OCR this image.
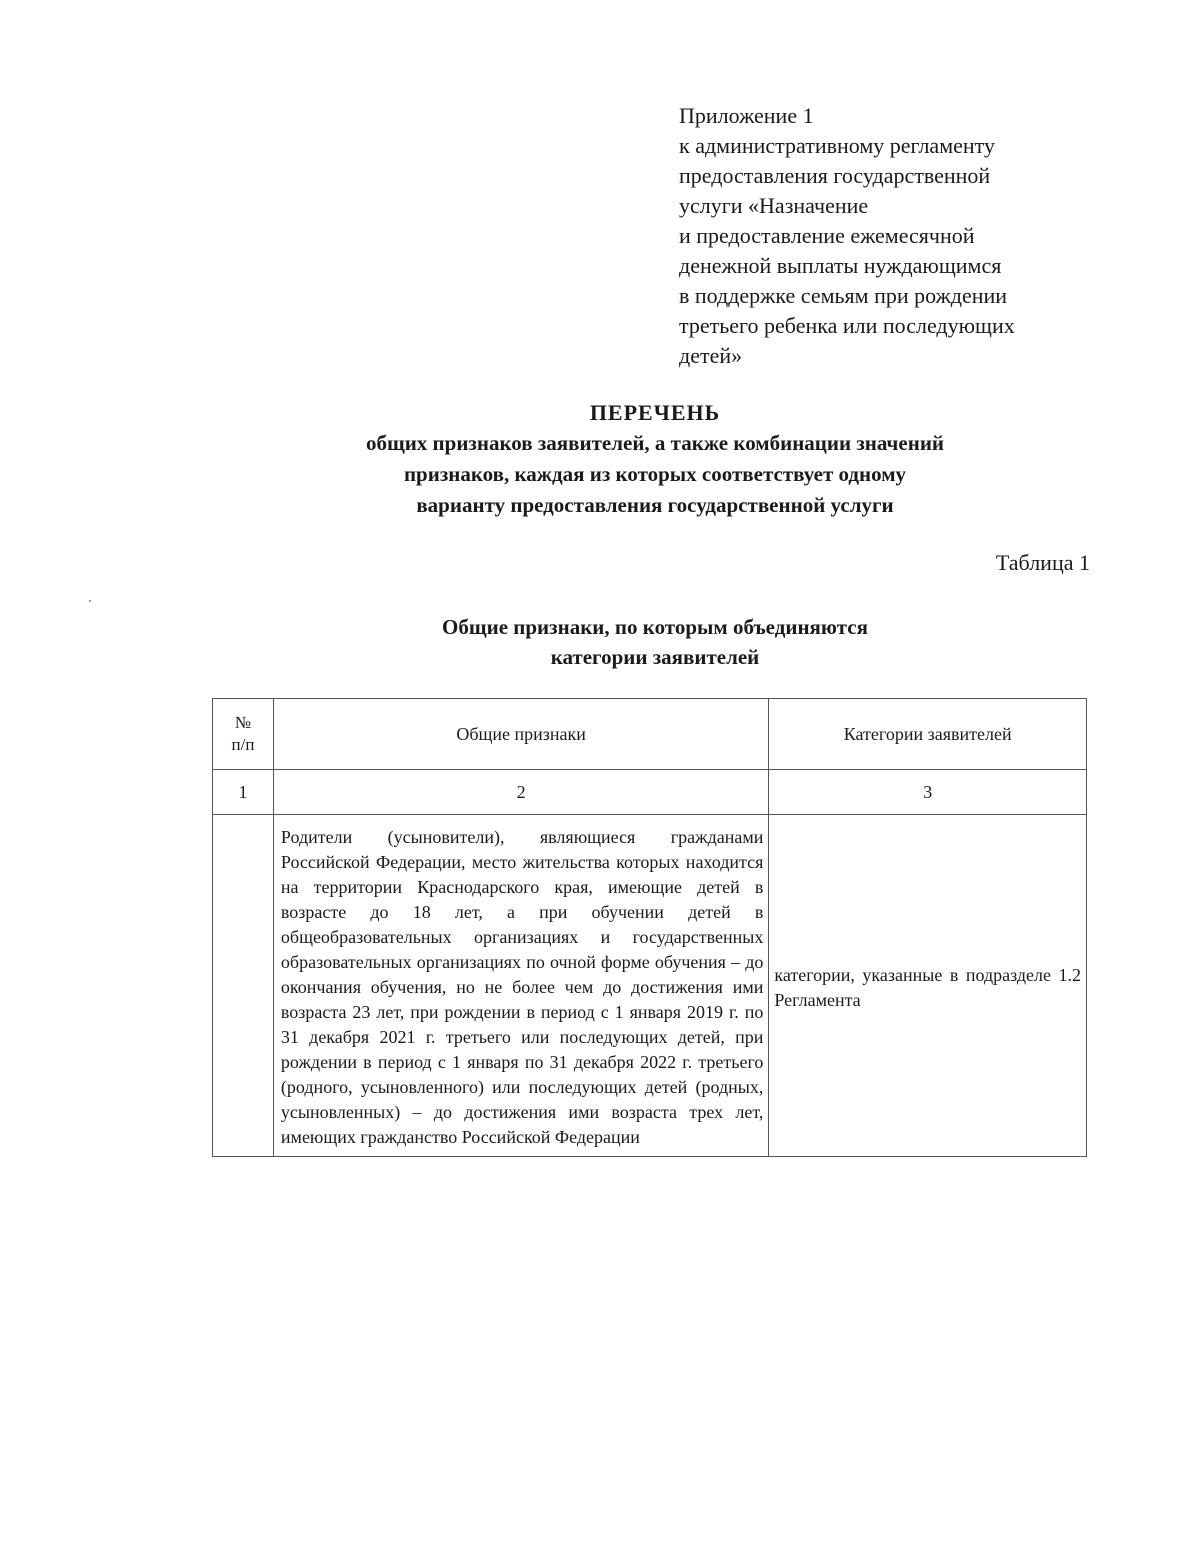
Приложение 1
к административному регламенту
предоставления государственной
услуги «Назначение
и предоставление ежемесячной
денежной выплаты нуждающимся
в поддержке семьям при рождении
третьего ребенка или последующих
детей»
ПЕРЕЧЕНЬ
общих признаков заявителей, а также комбинации значений
признаков, каждая из которых соответствует одному
варианту предоставления государственной услуги
Таблица 1
Общие признаки, по которым объединяются
категории заявителей
№
п/п	Общие признаки	Категории заявителей
1	2	3

	Родители (усыновители), являющиеся гражданами Российской Федерации, место жительства которых находится на территории Краснодарского края, имеющие детей в возрасте до 18 лет, а при обучении детей в общеобразовательных организациях и государственных образовательных организациях по очной форме обучения – до окончания обучения, но не более чем до достижения ими возраста 23 лет, при рождении в период с 1 января 2019 г. по 31 декабря 2021 г. третьего или последующих детей, при рождении в период с 1 января по 31 декабря 2022 г. третьего (родного, усыновленного) или последующих детей (родных, усыновленных) – до достижения ими возраста трех лет, имеющих гражданство Российской Федерации	категории, указанные в подразделе 1.2 Регламента
